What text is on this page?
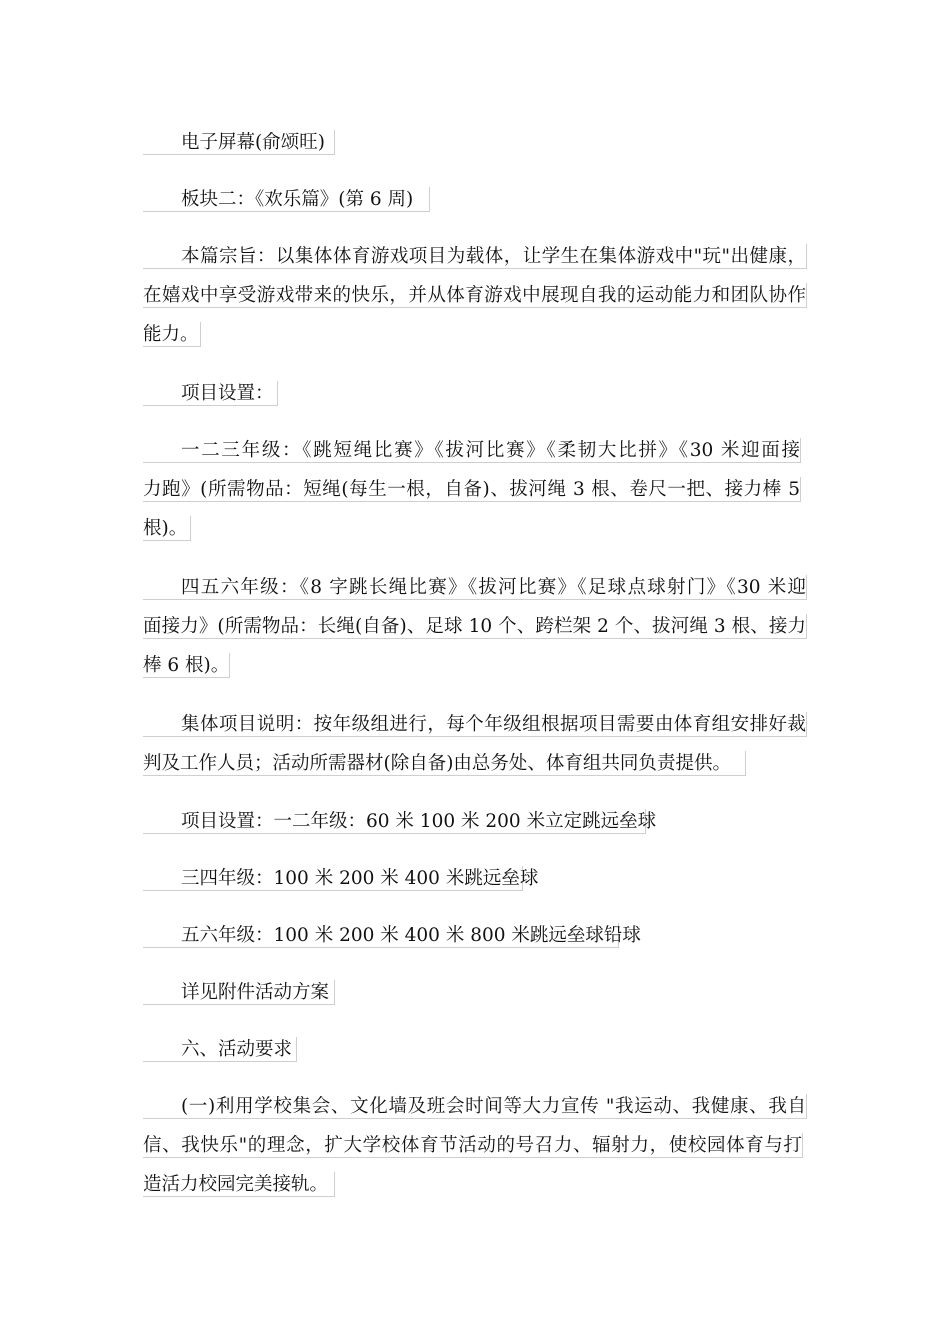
电子屏幕(俞颂旺)
板块二：《欢乐篇》(第 6 周)
本篇宗旨：以集体体育游戏项目为载体，让学生在集体游戏中"玩"出健康，
在嬉戏中享受游戏带来的快乐，并从体育游戏中展现自我的运动能力和团队协作
能力。
项目设置：
一二三年级：《跳短绳比赛》《拔河比赛》《柔韧大比拼》《30 米迎面接
力跑》(所需物品：短绳(每生一根，自备)、拔河绳 3 根、卷尺一把、接力棒 5
根)。
四五六年级：《8 字跳长绳比赛》《拔河比赛》《足球点球射门》《30 米迎
面接力》(所需物品：长绳(自备)、足球 10 个、跨栏架 2 个、拔河绳 3 根、接力
棒 6 根)。
集体项目说明：按年级组进行，每个年级组根据项目需要由体育组安排好裁
判及工作人员；活动所需器材(除自备)由总务处、体育组共同负责提供。
项目设置：一二年级：60 米 100 米 200 米立定跳远垒球
三四年级：100 米 200 米 400 米跳远垒球
五六年级：100 米 200 米 400 米 800 米跳远垒球铅球
详见附件活动方案
六、活动要求
(一)利用学校集会、文化墙及班会时间等大力宣传 "我运动、我健康、我自
信、我快乐"的理念，扩大学校体育节活动的号召力、辐射力，使校园体育与打
造活力校园完美接轨。
